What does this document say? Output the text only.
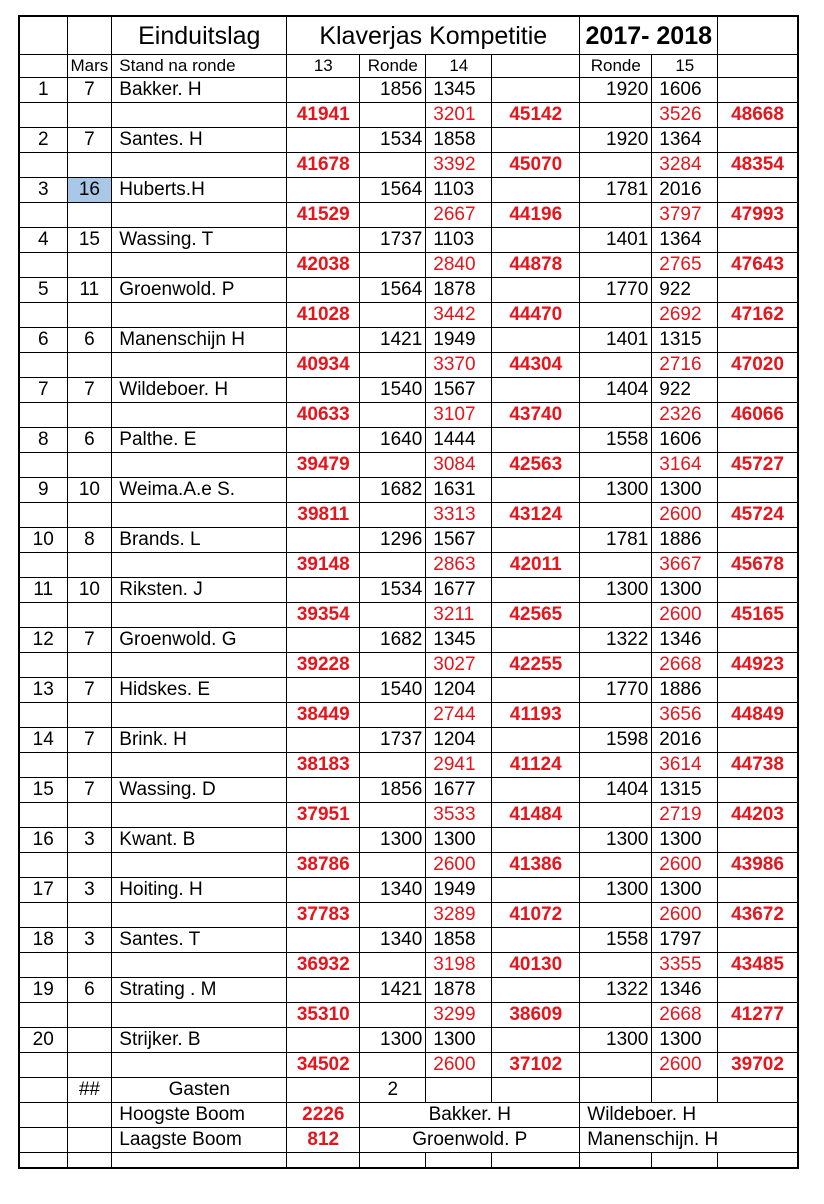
		Einduitslag	Klaverjas Kompetitie				2017- 2018		
	Mars	Stand na ronde	13	Ronde	14		Ronde	15	
1	7	Bakker. H		1856	1345		1920	1606	
			41941		3201	45142		3526	48668
2	7	Santes. H		1534	1858		1920	1364	
			41678		3392	45070		3284	48354
3	16	Huberts.H		1564	1103		1781	2016	
			41529		2667	44196		3797	47993
4	15	Wassing. T		1737	1103		1401	1364	
			42038		2840	44878		2765	47643
5	11	Groenwold. P		1564	1878		1770	922	
			41028		3442	44470		2692	47162
6	6	Manenschijn H		1421	1949		1401	1315	
			40934		3370	44304		2716	47020
7	7	Wildeboer. H		1540	1567		1404	922	
			40633		3107	43740		2326	46066
8	6	Palthe. E		1640	1444		1558	1606	
			39479		3084	42563		3164	45727
9	10	Weima.A.e S.		1682	1631		1300	1300	
			39811		3313	43124		2600	45724
10	8	Brands. L		1296	1567		1781	1886	
			39148		2863	42011		3667	45678
11	10	Riksten. J		1534	1677		1300	1300	
			39354		3211	42565		2600	45165
12	7	Groenwold. G		1682	1345		1322	1346	
			39228		3027	42255		2668	44923
13	7	Hidskes. E		1540	1204		1770	1886	
			38449		2744	41193		3656	44849
14	7	Brink. H		1737	1204		1598	2016	
			38183		2941	41124		3614	44738
15	7	Wassing. D		1856	1677		1404	1315	
			37951		3533	41484		2719	44203
16	3	Kwant. B		1300	1300		1300	1300	
			38786		2600	41386		2600	43986
17	3	Hoiting. H		1340	1949		1300	1300	
			37783		3289	41072		2600	43672
18	3	Santes. T		1340	1858		1558	1797	
			36932		3198	40130		3355	43485
19	6	Strating . M		1421	1878		1322	1346	
			35310		3299	38609		2668	41277
20		Strijker. B		1300	1300		1300	1300	
			34502		2600	37102		2600	39702
	##	Gasten		2					
		Hoogste Boom	2226	Bakker. H			Wildeboer. H		
		Laagste Boom	812	Groenwold. P			Manenschijn. H		
